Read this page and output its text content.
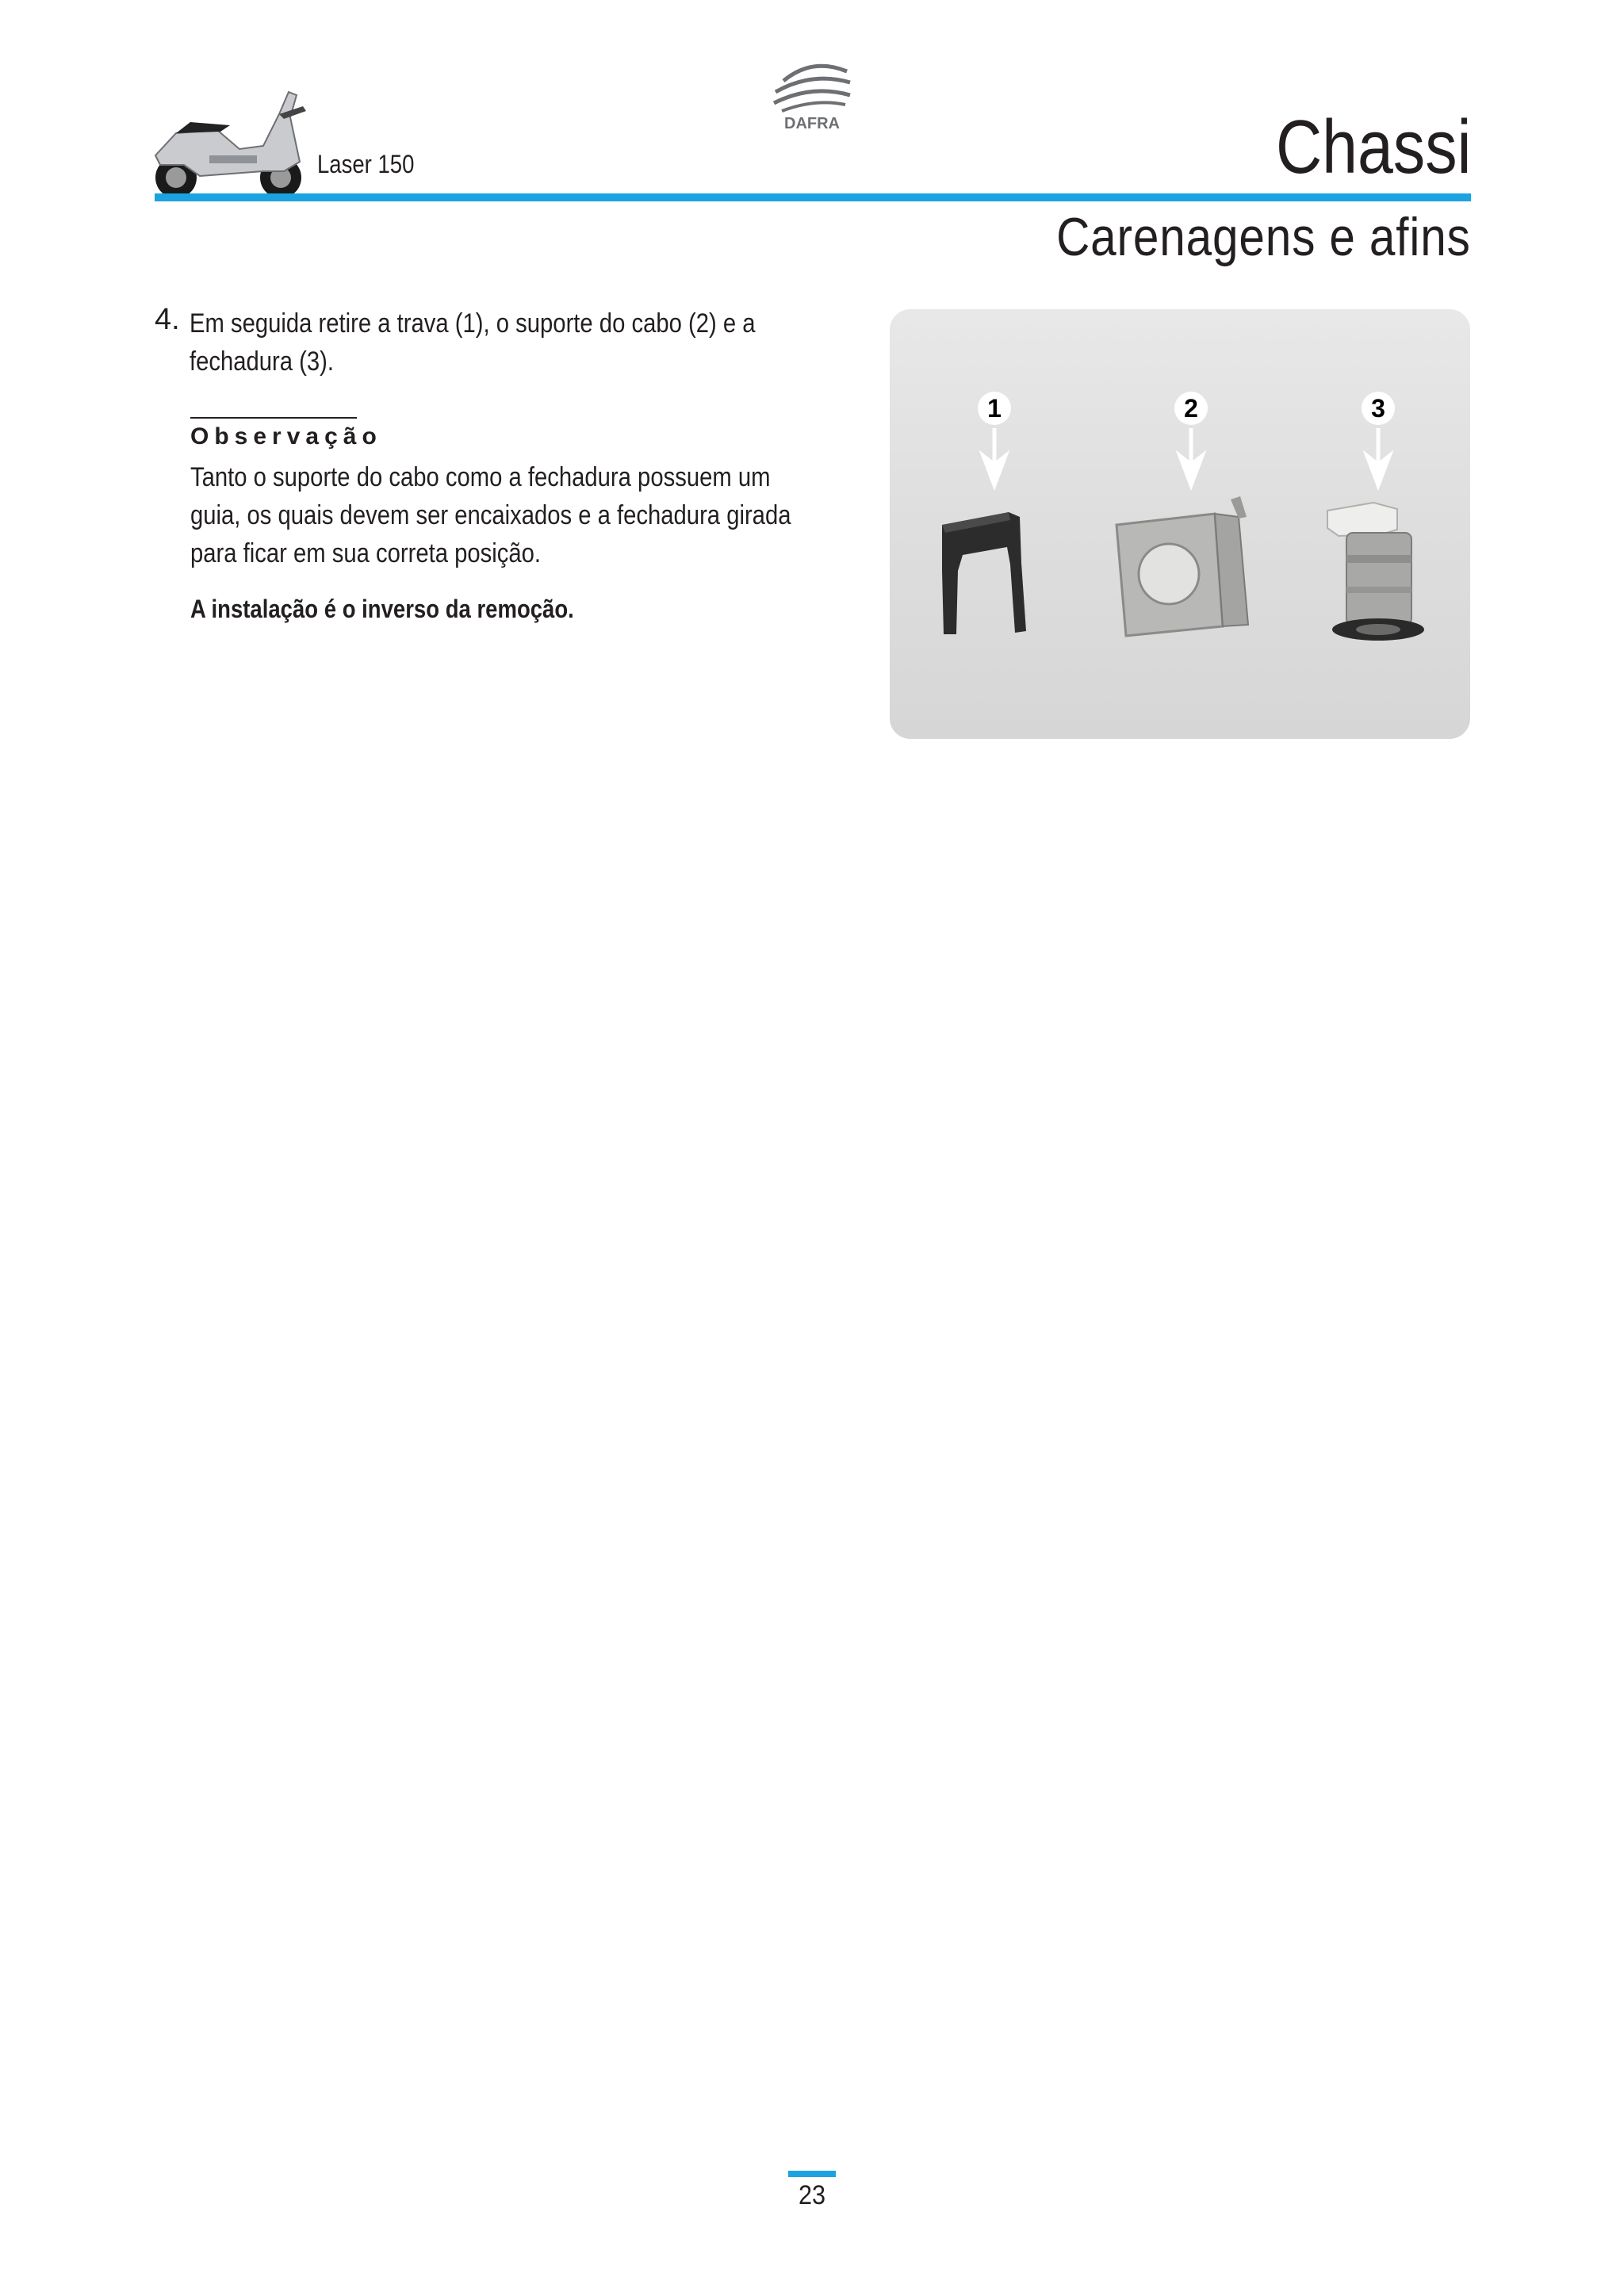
Laser 150
DAFRA	Chassi
Carenagens e afins
4. Em seguida retire a trava (1), o suporte do cabo (2) e a fechadura (3).
Observação
Tanto o suporte do cabo como a fechadura possuem um guia, os quais devem ser encaixados e a fechadura girada para ficar em sua correta posição.
A instalação é o inverso da remoção.
1	2	3
23
